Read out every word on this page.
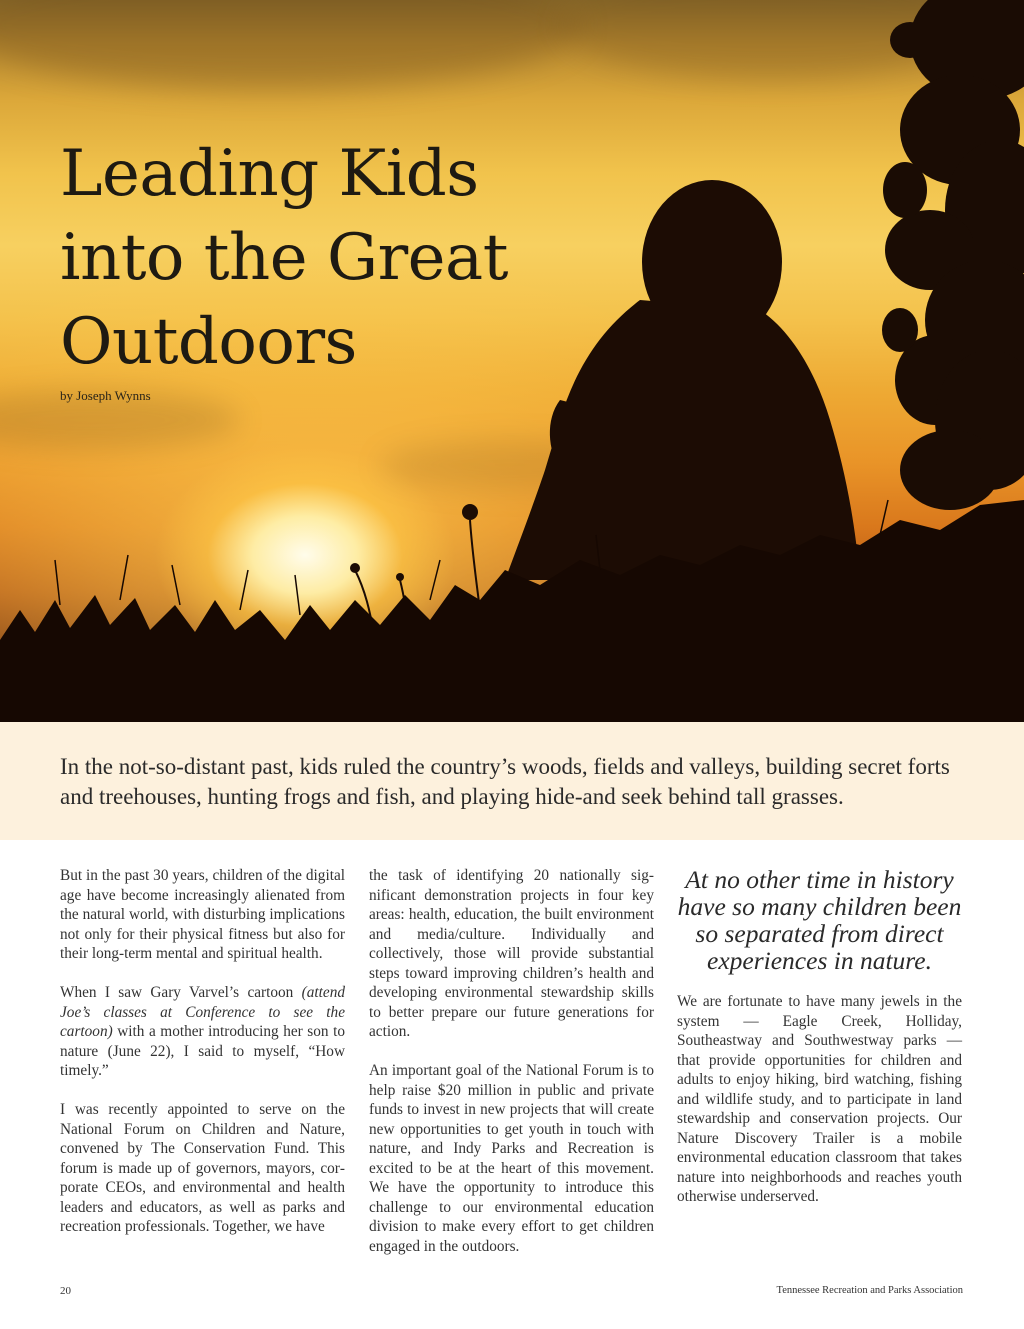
Leading Kids
into the Great
Outdoors
by Joseph Wynns

In the not-so-distant past, kids ruled the country’s woods, fields and valleys, building secret forts and treehouses, hunting frogs and fish, and playing hide-and seek behind tall grasses.

But in the past 30 years, children of the digital age have become increasingly alienated from the natural world, with disturbing implications not only for their physical fitness but also for their long-term mental and spiritual health.

When I saw Gary Varvel’s cartoon (attend Joe’s classes at Conference to see the cartoon) with a mother introducing her son to nature (June 22), I said to myself, “How timely.”

I was recently appointed to serve on the National Forum on Children and Nature, convened by The Conservation Fund. This forum is made up of governors, mayors, corporate CEOs, and environmental and health leaders and educators, as well as parks and recreation professionals. Together, we have

the task of identifying 20 nationally significant demonstration projects in four key areas: health, education, the built environment and media/culture. Individually and collectively, those will provide substantial steps toward improving children’s health and developing environmental stewardship skills to better prepare our future generations for action.

An important goal of the National Forum is to help raise $20 million in public and private funds to invest in new projects that will create new opportunities to get youth in touch with nature, and Indy Parks and Recreation is excited to be at the heart of this movement. We have the opportunity to introduce this challenge to our environmental education division to make every effort to get children engaged in the outdoors.

At no other time in history have so many children been so separated from direct experiences in nature.

We are fortunate to have many jewels in the system — Eagle Creek, Holliday, Southeastway and Southwestway parks — that provide opportunities for children and adults to enjoy hiking, bird watching, fishing and wildlife study, and to participate in land stewardship and conservation projects. Our Nature Discovery Trailer is a mobile environmental education classroom that takes nature into neighborhoods and reaches youth otherwise underserved.

20	Tennessee Recreation and Parks Association
